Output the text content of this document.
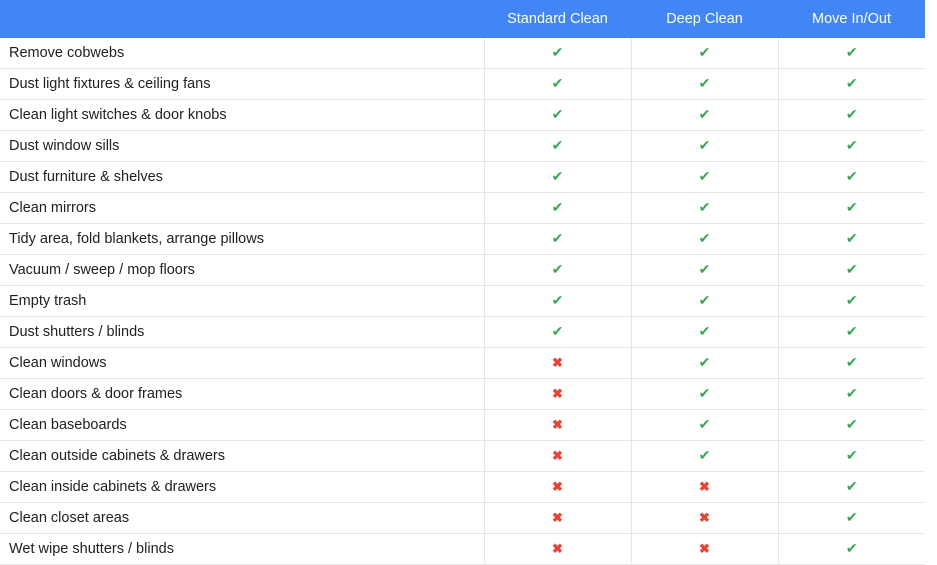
	Standard Clean	Deep Clean	Move In/Out
Remove cobwebs	✔	✔	✔
Dust light fixtures & ceiling fans	✔	✔	✔
Clean light switches & door knobs	✔	✔	✔
Dust window sills	✔	✔	✔
Dust furniture & shelves	✔	✔	✔
Clean mirrors	✔	✔	✔
Tidy area, fold blankets, arrange pillows	✔	✔	✔
Vacuum / sweep / mop floors	✔	✔	✔
Empty trash	✔	✔	✔
Dust shutters / blinds	✔	✔	✔
Clean windows	✖	✔	✔
Clean doors & door frames	✖	✔	✔
Clean baseboards	✖	✔	✔
Clean outside cabinets & drawers	✖	✔	✔
Clean inside cabinets & drawers	✖	✖	✔
Clean closet areas	✖	✖	✔
Wet wipe shutters / blinds	✖	✖	✔
